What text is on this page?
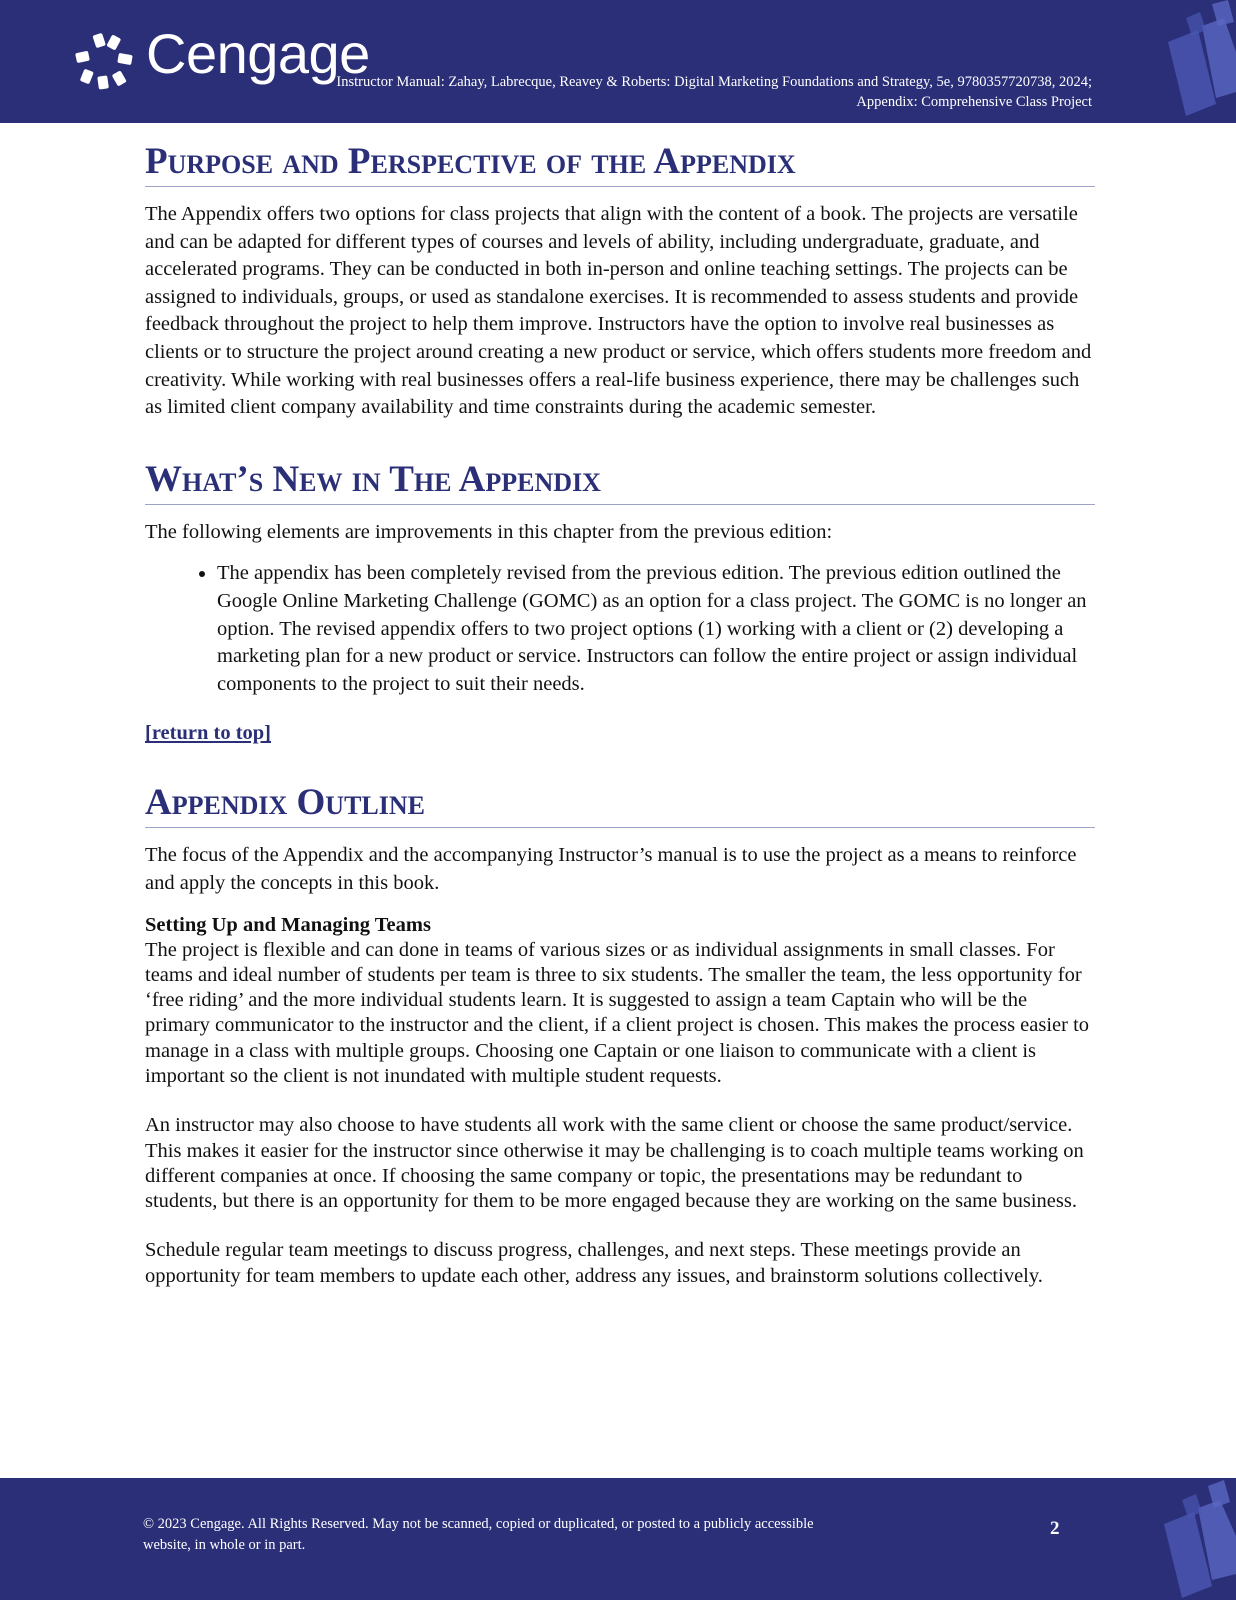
Cengage
Instructor Manual: Zahay, Labrecque, Reavey & Roberts: Digital Marketing Foundations and Strategy, 5e, 9780357720738, 2024; Appendix: Comprehensive Class Project
Purpose and Perspective of the Appendix

The Appendix offers two options for class projects that align with the content of a book. The projects are versatile and can be adapted for different types of courses and levels of ability, including undergraduate, graduate, and accelerated programs. They can be conducted in both in-person and online teaching settings. The projects can be assigned to individuals, groups, or used as standalone exercises. It is recommended to assess students and provide feedback throughout the project to help them improve. Instructors have the option to involve real businesses as clients or to structure the project around creating a new product or service, which offers students more freedom and creativity. While working with real businesses offers a real-life business experience, there may be challenges such as limited client company availability and time constraints during the academic semester.

What’s New in The Appendix

The following elements are improvements in this chapter from the previous edition:

• The appendix has been completely revised from the previous edition. The previous edition outlined the Google Online Marketing Challenge (GOMC) as an option for a class project. The GOMC is no longer an option. The revised appendix offers to two project options (1) working with a client or (2) developing a marketing plan for a new product or service. Instructors can follow the entire project or assign individual components to the project to suit their needs.
[return to top]
Appendix Outline

The focus of the Appendix and the accompanying Instructor’s manual is to use the project as a means to reinforce and apply the concepts in this book.

Setting Up and Managing Teams

The project is flexible and can done in teams of various sizes or as individual assignments in small classes. For teams and ideal number of students per team is three to six students. The smaller the team, the less opportunity for ‘free riding’ and the more individual students learn. It is suggested to assign a team Captain who will be the primary communicator to the instructor and the client, if a client project is chosen. This makes the process easier to manage in a class with multiple groups. Choosing one Captain or one liaison to communicate with a client is important so the client is not inundated with multiple student requests.

An instructor may also choose to have students all work with the same client or choose the same product/service. This makes it easier for the instructor since otherwise it may be challenging is to coach multiple teams working on different companies at once. If choosing the same company or topic, the presentations may be redundant to students, but there is an opportunity for them to be more engaged because they are working on the same business.

Schedule regular team meetings to discuss progress, challenges, and next steps. These meetings provide an opportunity for team members to update each other, address any issues, and brainstorm solutions collectively.

© 2023 Cengage. All Rights Reserved. May not be scanned, copied or duplicated, or posted to a publicly accessible website, in whole or in part.
2
